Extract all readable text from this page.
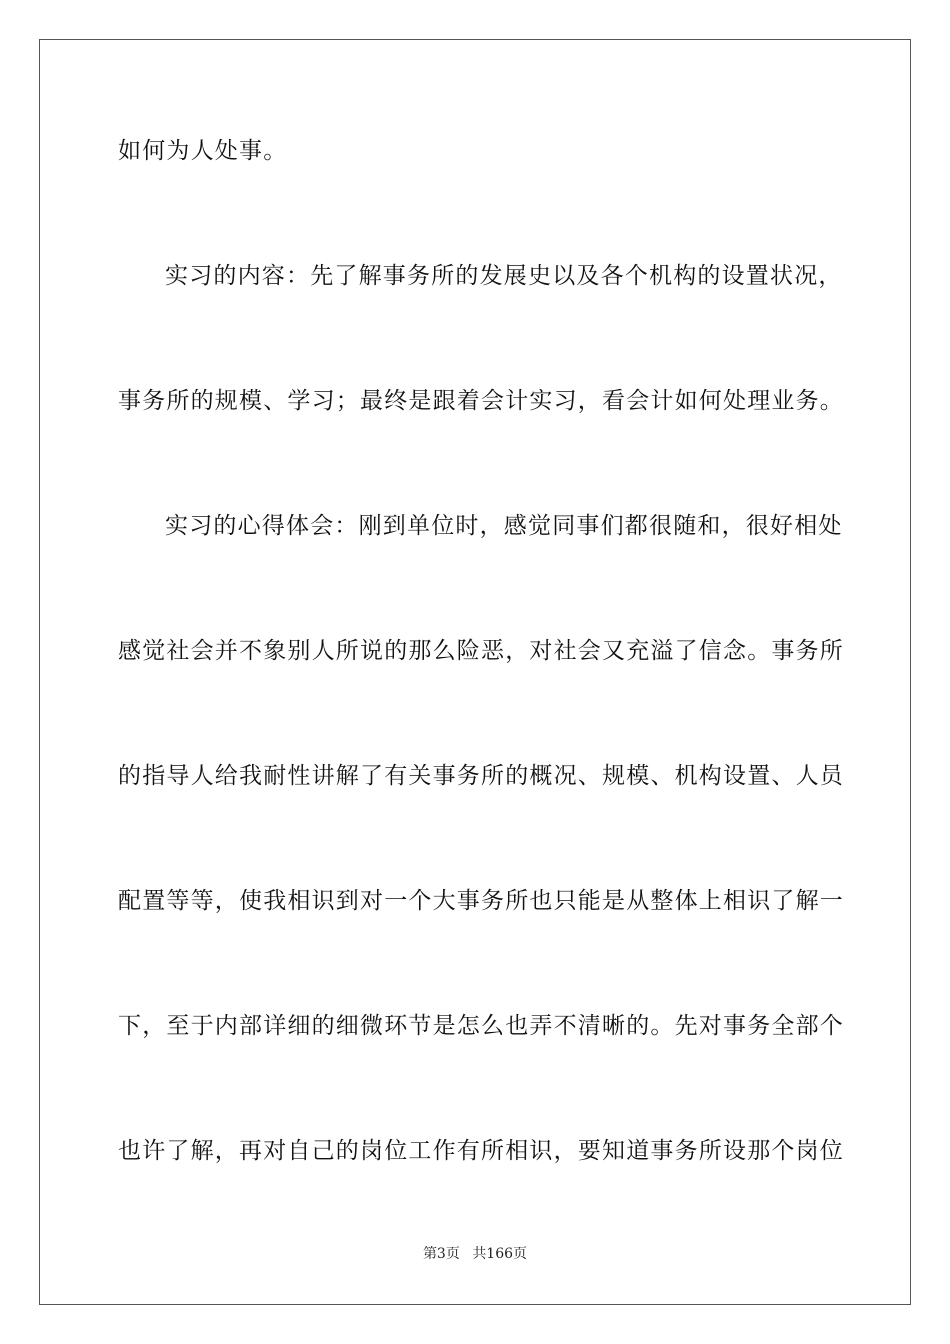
如何为人处事。
实习的内容：先了解事务所的发展史以及各个机构的设置状况，
事务所的规模、学习；最终是跟着会计实习，看会计如何处理业务。
实习的心得体会：刚到单位时，感觉同事们都很随和，很好相处
感觉社会并不象别人所说的那么险恶，对社会又充溢了信念。事务所
的指导人给我耐性讲解了有关事务所的概况、规模、机构设置、人员
配置等等，使我相识到对一个大事务所也只能是从整体上相识了解一
下，至于内部详细的细微环节是怎么也弄不清晰的。先对事务全部个
也许了解，再对自己的岗位工作有所相识，要知道事务所设那个岗位
第3页 共166页
